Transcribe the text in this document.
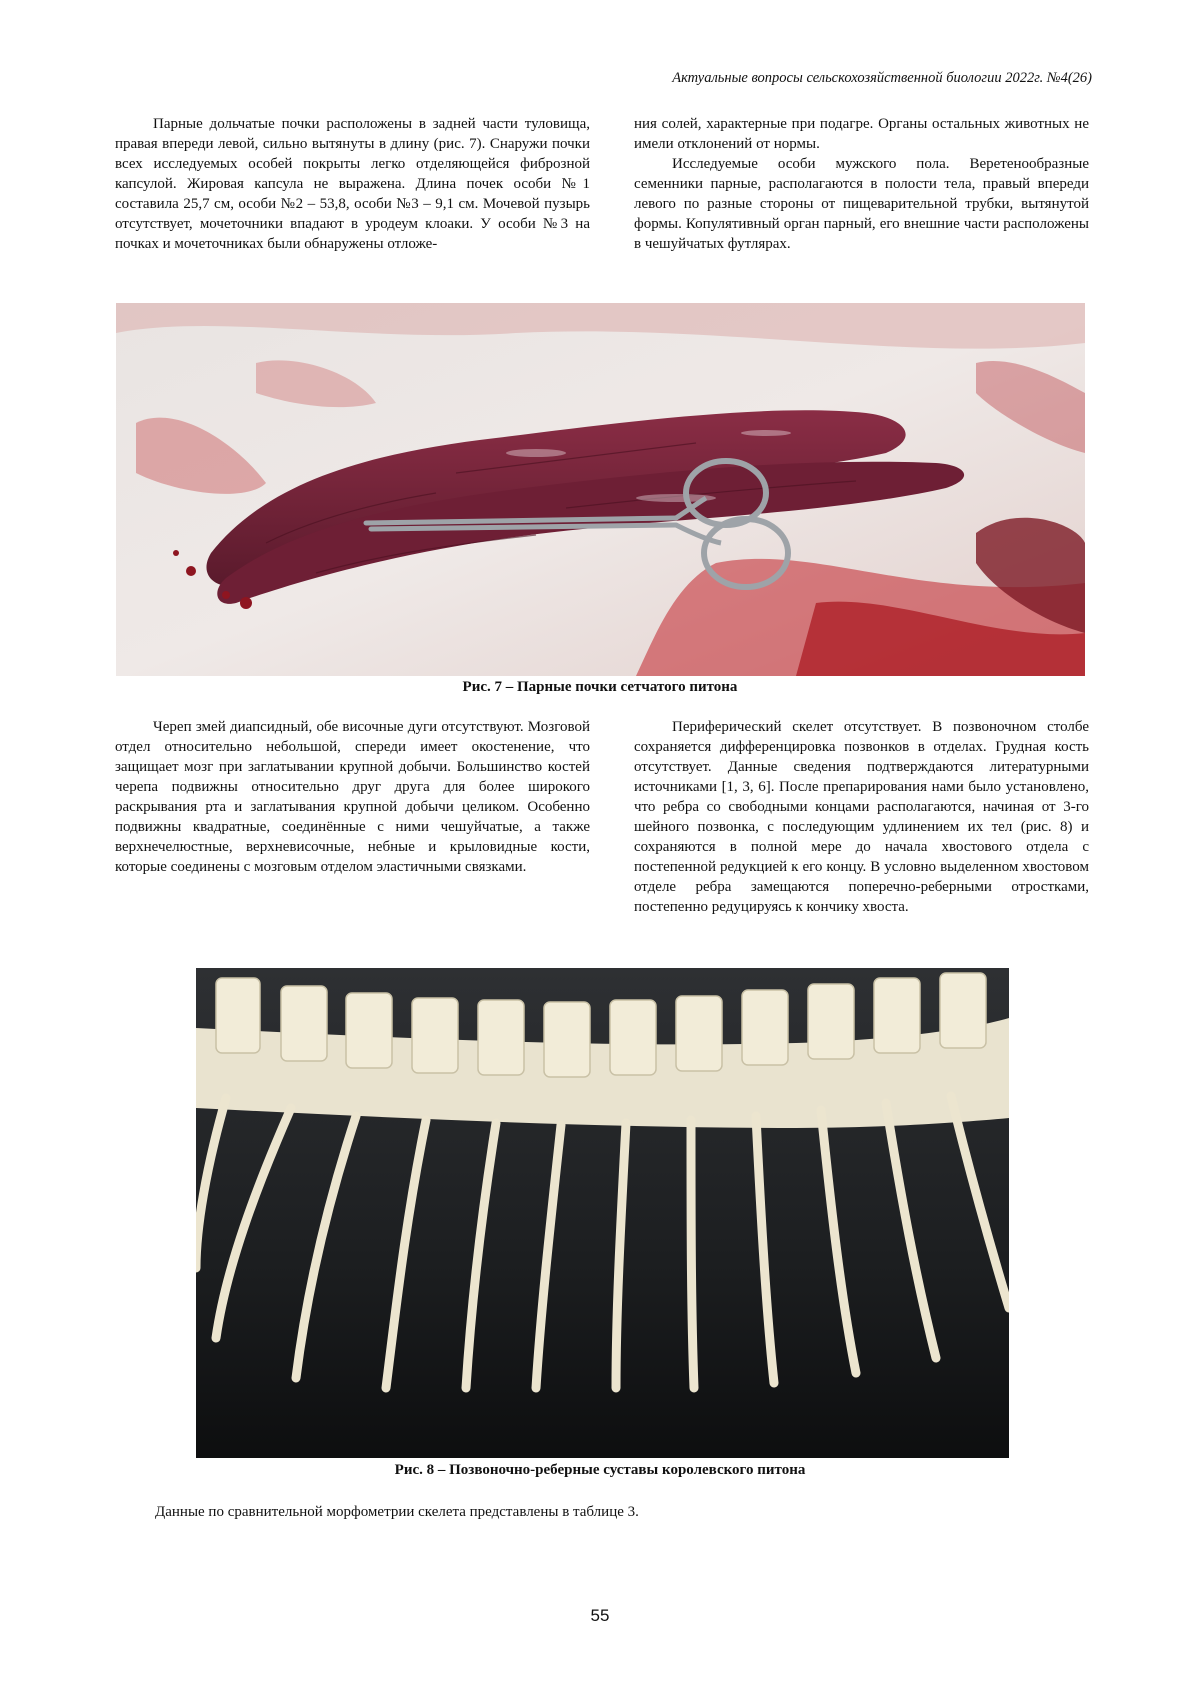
Актуальные вопросы сельскохозяйственной биологии 2022г. №4(26)

Парные дольчатые почки расположены в задней части туловища, правая впереди левой, сильно вытянуты в длину (рис. 7). Снаружи почки всех исследуемых особей покрыты легко отделяющейся фиброзной капсулой. Жировая капсула не выражена. Длина почек особи №1 составила 25,7 см, особи №2 – 53,8, особи №3 – 9,1 см. Мочевой пузырь отсутствует, мочеточники впадают в уродеум клоаки. У особи №3 на почках и мочеточниках были обнаружены отложе-

ния солей, характерные при подагре. Органы остальных животных не имели отклонений от нормы.

Исследуемые особи мужского пола. Веретенообразные семенники парные, располагаются в полости тела, правый впереди левого по разные стороны от пищеварительной трубки, вытянутой формы. Копулятивный орган парный, его внешние части расположены в чешуйчатых футлярах.

Рис. 7 – Парные почки сетчатого питона

Череп змей диапсидный, обе височные дуги отсутствуют. Мозговой отдел относительно небольшой, спереди имеет окостенение, что защищает мозг при заглатывании крупной добычи. Большинство костей черепа подвижны относительно друг друга для более широкого раскрывания рта и заглатывания крупной добычи целиком. Особенно подвижны квадратные, соединённые с ними чешуйчатые, а также верхнечелюстные, верхневисочные, небные и крыловидные кости, которые соединены с мозговым отделом эластичными связками.

Периферический скелет отсутствует. В позвоночном столбе сохраняется дифференцировка позвонков в отделах. Грудная кость отсутствует. Данные сведения подтверждаются литературными источниками [1, 3, 6]. После препарирования нами было установлено, что ребра со свободными концами располагаются, начиная от 3-го шейного позвонка, с последующим удлинением их тел (рис. 8) и сохраняются в полной мере до начала хвостового отдела с постепенной редукцией к его концу. В условно выделенном хвостовом отделе ребра замещаются поперечно-реберными отростками, постепенно редуцируясь к кончику хвоста.

Рис. 8 – Позвоночно-реберные суставы королевского питона
Данные по сравнительной морфометрии скелета представлены в таблице 3.
55
